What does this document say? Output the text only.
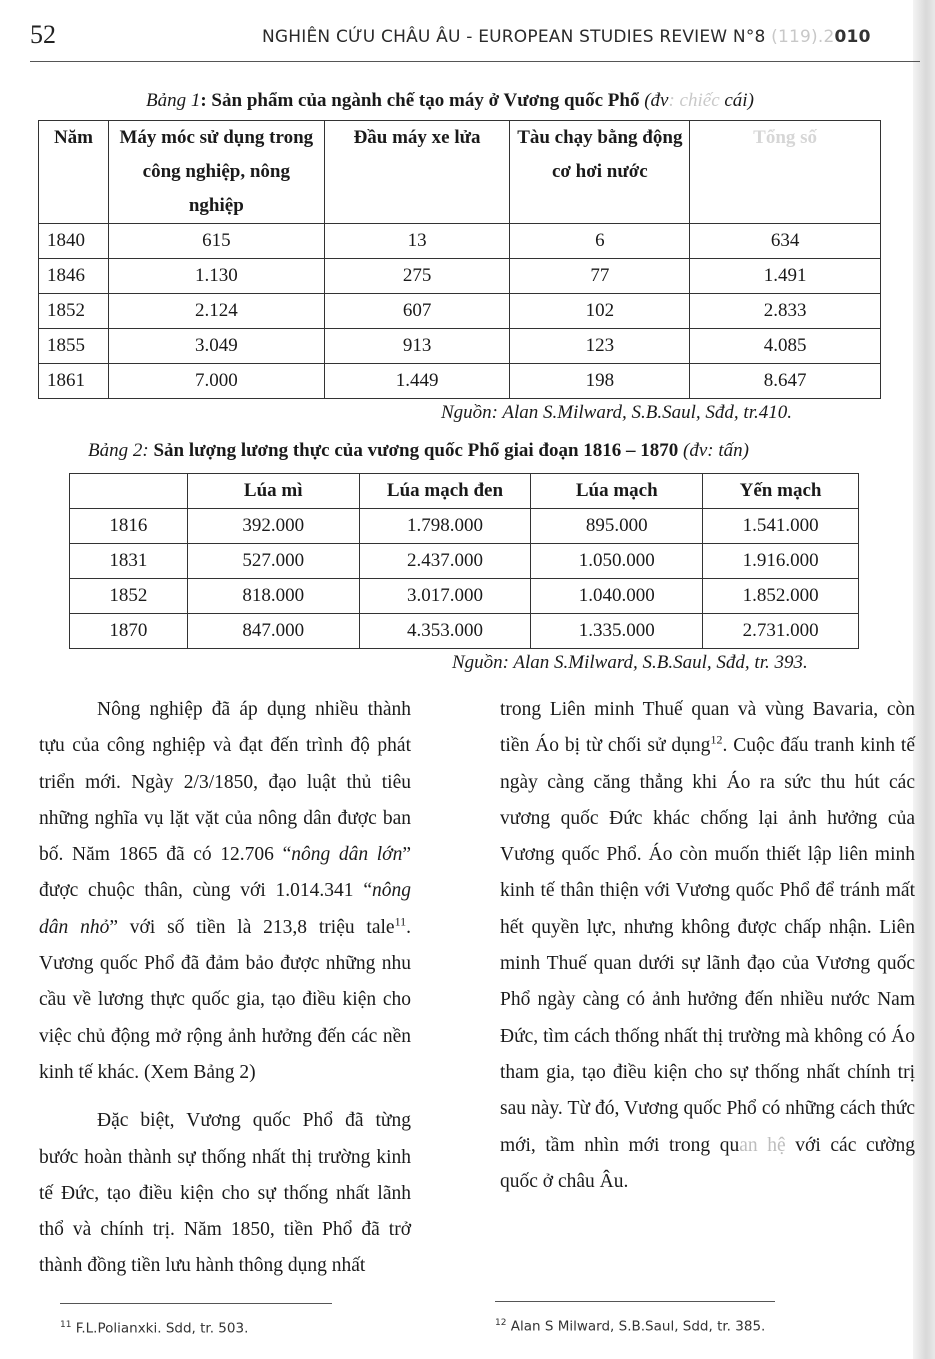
52	NGHIÊN CỨU CHÂU ÂU - EUROPEAN STUDIES REVIEW N°8 (119).2010
Bảng 1: Sản phẩm của ngành chế tạo máy ở Vương quốc Phổ (đv: chiếc cái)
Năm	Máy móc sử dụng trong công nghiệp, nông nghiệp	Đầu máy xe lửa	Tàu chạy bằng động cơ hơi nước	Tổng số
1840	615	13	6	634
1846	1.130	275	77	1.491
1852	2.124	607	102	2.833
1855	3.049	913	123	4.085
1861	7.000	1.449	198	8.647
Nguồn: Alan S.Milward, S.B.Saul, Sđd, tr.410.
Bảng 2: Sản lượng lương thực của vương quốc Phổ giai đoạn 1816 – 1870 (đv: tấn)
	Lúa mì	Lúa mạch đen	Lúa mạch	Yến mạch
1816	392.000	1.798.000	895.000	1.541.000
1831	527.000	2.437.000	1.050.000	1.916.000
1852	818.000	3.017.000	1.040.000	1.852.000
1870	847.000	4.353.000	1.335.000	2.731.000
Nguồn: Alan S.Milward, S.B.Saul, Sđd, tr. 393.

Nông nghiệp đã áp dụng nhiều thành tựu của công nghiệp và đạt đến trình độ phát triển mới. Ngày 2/3/1850, đạo luật thủ tiêu những nghĩa vụ lặt vặt của nông dân được ban bố. Năm 1865 đã có 12.706 “nông dân lớn” được chuộc thân, cùng với 1.014.341 “nông dân nhỏ” với số tiền là 213,8 triệu tale$^{11}$. Vương quốc Phổ đã đảm bảo được những nhu cầu về lương thực quốc gia, tạo điều kiện cho việc chủ động mở rộng ảnh hưởng đến các nền kinh tế khác. (Xem Bảng 2)

Đặc biệt, Vương quốc Phổ đã từng bước hoàn thành sự thống nhất thị trường kinh tế Đức, tạo điều kiện cho sự thống nhất lãnh thổ và chính trị. Năm 1850, tiền Phổ đã trở thành đồng tiền lưu hành thông dụng nhất

trong Liên minh Thuế quan và vùng Bavaria, còn tiền Áo bị từ chối sử dụng$^{12}$. Cuộc đấu tranh kinh tế ngày càng căng thẳng khi Áo ra sức thu hút các vương quốc Đức khác chống lại ảnh hưởng của Vương quốc Phổ. Áo còn muốn thiết lập liên minh kinh tế thân thiện với Vương quốc Phổ để tránh mất hết quyền lực, nhưng không được chấp nhận. Liên minh Thuế quan dưới sự lãnh đạo của Vương quốc Phổ ngày càng có ảnh hưởng đến nhiều nước Nam Đức, tìm cách thống nhất thị trường mà không có Áo tham gia, tạo điều kiện cho sự thống nhất chính trị sau này. Từ đó, Vương quốc Phổ có những cách thức mới, tầm nhìn mới trong quan hệ với các cường quốc ở châu Âu.

$^{11}$ F.L.Polianxki. Sdd, tr. 503.	$^{12}$ Alan S Milward, S.B.Saul, Sdd, tr. 385.
